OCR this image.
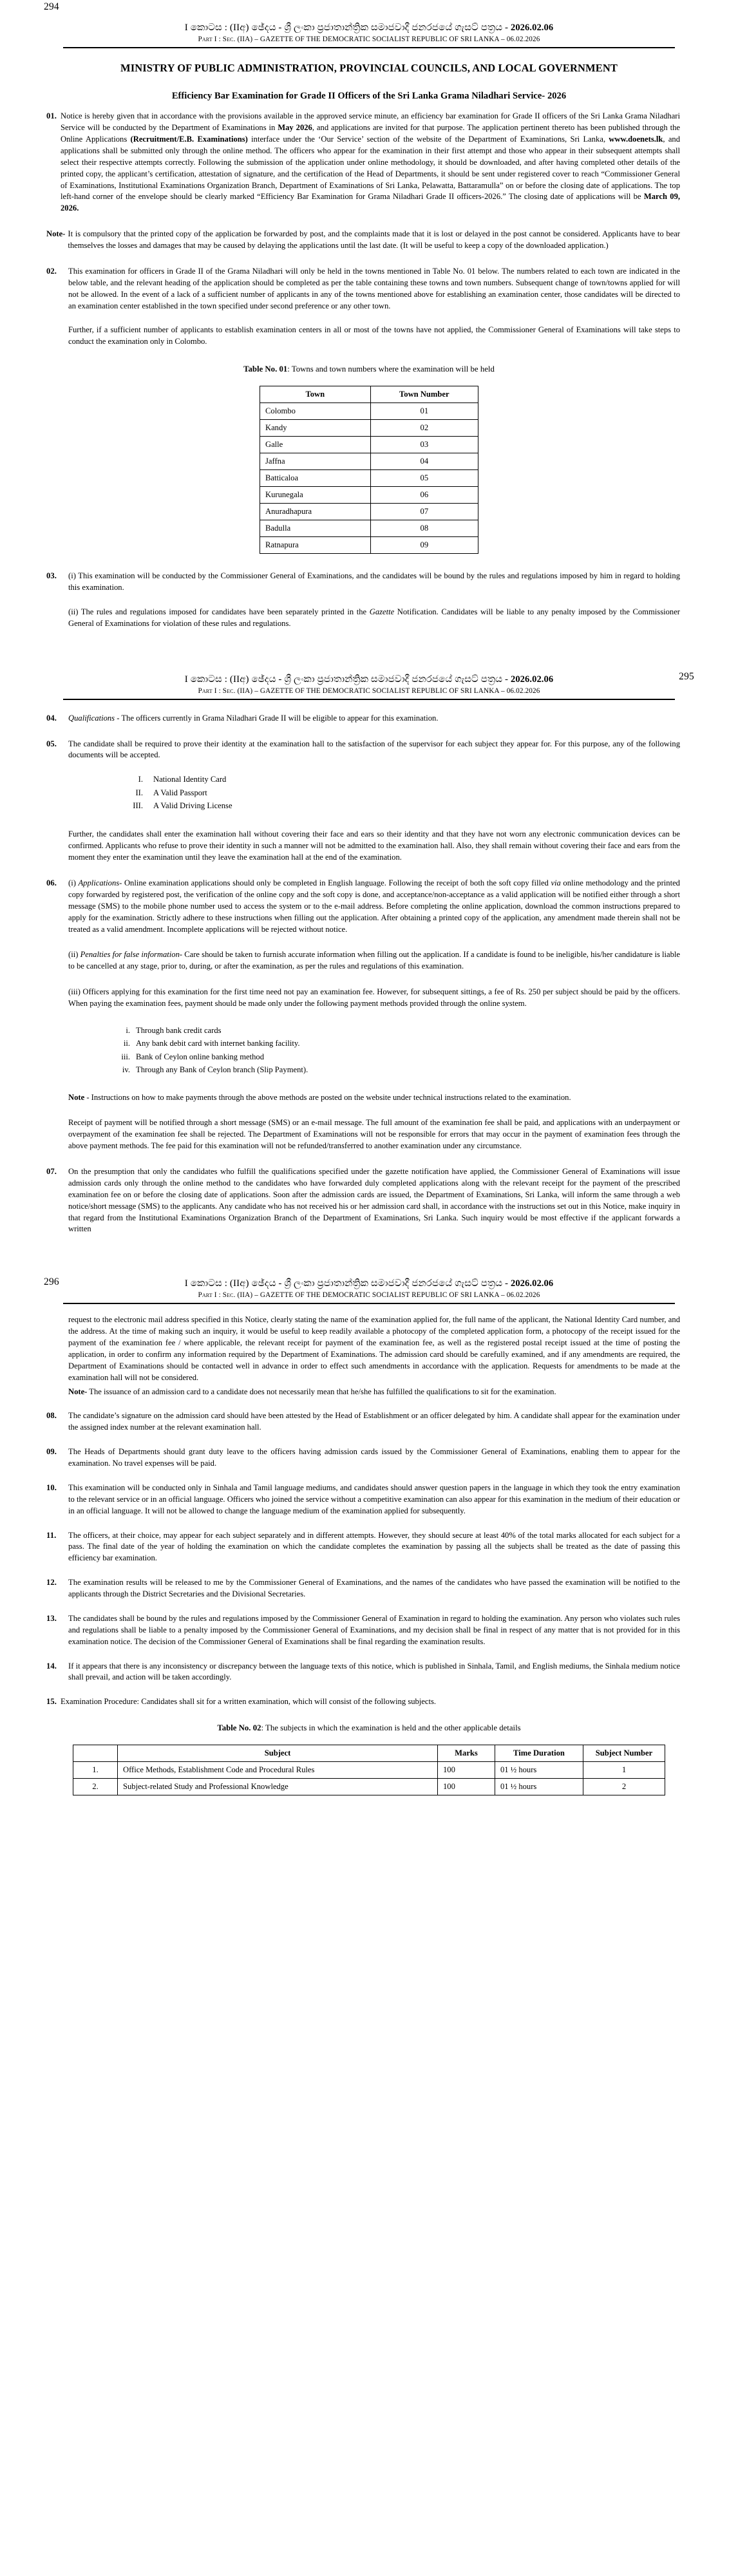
294
I කොටස : (IIඅ) ඡේදය - ශ්‍රී ලංකා ප්‍රජාතාන්ත්‍රික සමාජවාදී ජනරජයේ ගැසට් පත්‍රය - 2026.02.06
Part I : Sec. (IIA) – GAZETTE OF THE DEMOCRATIC SOCIALIST REPUBLIC OF SRI LANKA – 06.02.2026
MINISTRY OF PUBLIC ADMINISTRATION, PROVINCIAL COUNCILS, AND LOCAL GOVERNMENT
Efficiency Bar Examination for Grade II Officers of the Sri Lanka Grama Niladhari Service- 2026
01. Notice is hereby given that in accordance with the provisions available in the approved service minute, an efficiency bar examination for Grade II officers of the Sri Lanka Grama Niladhari Service will be conducted by the Department of Examinations in May 2026, and applications are invited for that purpose. The application pertinent thereto has been published through the Online Applications (Recruitment/E.B. Examinations) interface under the ‘Our Service’ section of the website of the Department of Examinations, Sri Lanka, www.doenets.lk, and applications shall be submitted only through the online method. The officers who appear for the examination in their first attempt and those who appear in their subsequent attempts shall select their respective attempts correctly. Following the submission of the application under online methodology, it should be downloaded, and after having completed other details of the printed copy, the applicant’s certification, attestation of signature, and the certification of the Head of Departments, it should be sent under registered cover to reach “Commissioner General of Examinations, Institutional Examinations Organization Branch, Department of Examinations of Sri Lanka, Pelawatta, Battaramulla” on or before the closing date of applications. The top left-hand corner of the envelope should be clearly marked “Efficiency Bar Examination for Grama Niladhari Grade II officers-2026.” The closing date of applications will be March 09, 2026.
Note- It is compulsory that the printed copy of the application be forwarded by post, and the complaints made that it is lost or delayed in the post cannot be considered. Applicants have to bear themselves the losses and damages that may be caused by delaying the applications until the last date. (It will be useful to keep a copy of the downloaded application.)
02.	This examination for officers in Grade II of the Grama Niladhari will only be held in the towns mentioned in Table No. 01 below. The numbers related to each town are indicated in the below table, and the relevant heading of the application should be completed as per the table containing these towns and town numbers. Subsequent change of town/towns applied for will not be allowed. In the event of a lack of a sufficient number of applicants in any of the towns mentioned above for establishing an examination center, those candidates will be directed to an examination center established in the town specified under second preference or any other town.
Further, if a sufficient number of applicants to establish examination centers in all or most of the towns have not applied, the Commissioner General of Examinations will take steps to conduct the examination only in Colombo.
Table No. 01: Towns and town numbers where the examination will be held
Town	Town Number
Colombo	01
Kandy	02
Galle	03
Jaffna	04
Batticaloa	05
Kurunegala	06
Anuradhapura	07
Badulla	08
Ratnapura	09
03.	(i) This examination will be conducted by the Commissioner General of Examinations, and the candidates will be bound by the rules and regulations imposed by him in regard to holding this examination.
(ii) The rules and regulations imposed for candidates have been separately printed in the Gazette Notification. Candidates will be liable to any penalty imposed by the Commissioner General of Examinations for violation of these rules and regulations.
295
I කොටස : (IIඅ) ඡේදය - ශ්‍රී ලංකා ප්‍රජාතාන්ත්‍රික සමාජවාදී ජනරජයේ ගැසට් පත්‍රය - 2026.02.06
Part I : Sec. (IIA) – GAZETTE OF THE DEMOCRATIC SOCIALIST REPUBLIC OF SRI LANKA – 06.02.2026
04.	Qualifications - The officers currently in Grama Niladhari Grade II will be eligible to appear for this examination.
05.	The candidate shall be required to prove their identity at the examination hall to the satisfaction of the supervisor for each subject they appear for. For this purpose, any of the following documents will be accepted.
I.	National Identity Card
II.	A Valid Passport
III.	A Valid Driving License
Further, the candidates shall enter the examination hall without covering their face and ears so their identity and that they have not worn any electronic communication devices can be confirmed. Applicants who refuse to prove their identity in such a manner will not be admitted to the examination hall. Also, they shall remain without covering their face and ears from the moment they enter the examination until they leave the examination hall at the end of the examination.
06.	(i) Applications- Online examination applications should only be completed in English language. Following the receipt of both the soft copy filled via online methodology and the printed copy forwarded by registered post, the verification of the online copy and the soft copy is done, and acceptance/non-acceptance as a valid application will be notified either through a short message (SMS) to the mobile phone number used to access the system or to the e-mail address. Before completing the online application, download the common instructions prepared to apply for the examination. Strictly adhere to these instructions when filling out the application. After obtaining a printed copy of the application, any amendment made therein shall not be treated as a valid amendment. Incomplete applications will be rejected without notice.
(ii) Penalties for false information- Care should be taken to furnish accurate information when filling out the application. If a candidate is found to be ineligible, his/her candidature is liable to be cancelled at any stage, prior to, during, or after the examination, as per the rules and regulations of this examination.
(iii) Officers applying for this examination for the first time need not pay an examination fee. However, for subsequent sittings, a fee of Rs. 250 per subject should be paid by the officers. When paying the examination fees, payment should be made only under the following payment methods provided through the online system.
i. Through bank credit cards
ii. Any bank debit card with internet banking facility.
iii. Bank of Ceylon online banking method
iv. Through any Bank of Ceylon branch (Slip Payment).
Note - Instructions on how to make payments through the above methods are posted on the website under technical instructions related to the examination.
Receipt of payment will be notified through a short message (SMS) or an e-mail message. The full amount of the examination fee shall be paid, and applications with an underpayment or overpayment of the examination fee shall be rejected. The Department of Examinations will not be responsible for errors that may occur in the payment of examination fees through the above payment methods. The fee paid for this examination will not be refunded/transferred to another examination under any circumstance.
07.	On the presumption that only the candidates who fulfill the qualifications specified under the gazette notification have applied, the Commissioner General of Examinations will issue admission cards only through the online method to the candidates who have forwarded duly completed applications along with the relevant receipt for the payment of the prescribed examination fee on or before the closing date of applications. Soon after the admission cards are issued, the Department of Examinations, Sri Lanka, will inform the same through a web notice/short message (SMS) to the applicants. Any candidate who has not received his or her admission card shall, in accordance with the instructions set out in this Notice, make inquiry in that regard from the Institutional Examinations Organization Branch of the Department of Examinations, Sri Lanka. Such inquiry would be most effective if the applicant forwards a written
296	I කොටස : (IIඅ) ඡේදය - ශ්‍රී ලංකා ප්‍රජාතාන්ත්‍රික සමාජවාදී ජනරජයේ ගැසට් පත්‍රය - 2026.02.06
Part I : Sec. (IIA) – GAZETTE OF THE DEMOCRATIC SOCIALIST REPUBLIC OF SRI LANKA – 06.02.2026
request to the electronic mail address specified in this Notice, clearly stating the name of the examination applied for, the full name of the applicant, the National Identity Card number, and the address. At the time of making such an inquiry, it would be useful to keep readily available a photocopy of the completed application form, a photocopy of the receipt issued for the payment of the examination fee / where applicable, the relevant receipt for payment of the examination fee, as well as the registered postal receipt issued at the time of posting the application, in order to confirm any information required by the Department of Examinations. The admission card should be carefully examined, and if any amendments are required, the Department of Examinations should be contacted well in advance in order to effect such amendments in accordance with the application. Requests for amendments to be made at the examination hall will not be considered.
Note- The issuance of an admission card to a candidate does not necessarily mean that he/she has fulfilled the qualifications to sit for the examination.
08.	The candidate’s signature on the admission card should have been attested by the Head of Establishment or an officer delegated by him. A candidate shall appear for the examination under the assigned index number at the relevant examination hall.
09.	The Heads of Departments should grant duty leave to the officers having admission cards issued by the Commissioner General of Examinations, enabling them to appear for the examination. No travel expenses will be paid.
10.	This examination will be conducted only in Sinhala and Tamil language mediums, and candidates should answer question papers in the language in which they took the entry examination to the relevant service or in an official language. Officers who joined the service without a competitive examination can also appear for this examination in the medium of their education or in an official language. It will not be allowed to change the language medium of the examination applied for subsequently.
11.	The officers, at their choice, may appear for each subject separately and in different attempts. However, they should secure at least 40% of the total marks allocated for each subject for a pass. The final date of the year of holding the examination on which the candidate completes the examination by passing all the subjects shall be treated as the date of passing this efficiency bar examination.
12.	The examination results will be released to me by the Commissioner General of Examinations, and the names of the candidates who have passed the examination will be notified to the applicants through the District Secretaries and the Divisional Secretaries.
13.	The candidates shall be bound by the rules and regulations imposed by the Commissioner General of Examination in regard to holding the examination. Any person who violates such rules and regulations shall be liable to a penalty imposed by the Commissioner General of Examinations, and my decision shall be final in respect of any matter that is not provided for in this examination notice. The decision of the Commissioner General of Examinations shall be final regarding the examination results.
14.	If it appears that there is any inconsistency or discrepancy between the language texts of this notice, which is published in Sinhala, Tamil, and English mediums, the Sinhala medium notice shall prevail, and action will be taken accordingly.
15. Examination Procedure: Candidates shall sit for a written examination, which will consist of the following subjects.
Table No. 02: The subjects in which the examination is held and the other applicable details
	Subject	Marks	Time Duration	Subject Number
1.	Office Methods, Establishment Code and Procedural Rules	100	01 ½ hours	1
2.	Subject-related Study and Professional Knowledge	100	01 ½ hours	2
